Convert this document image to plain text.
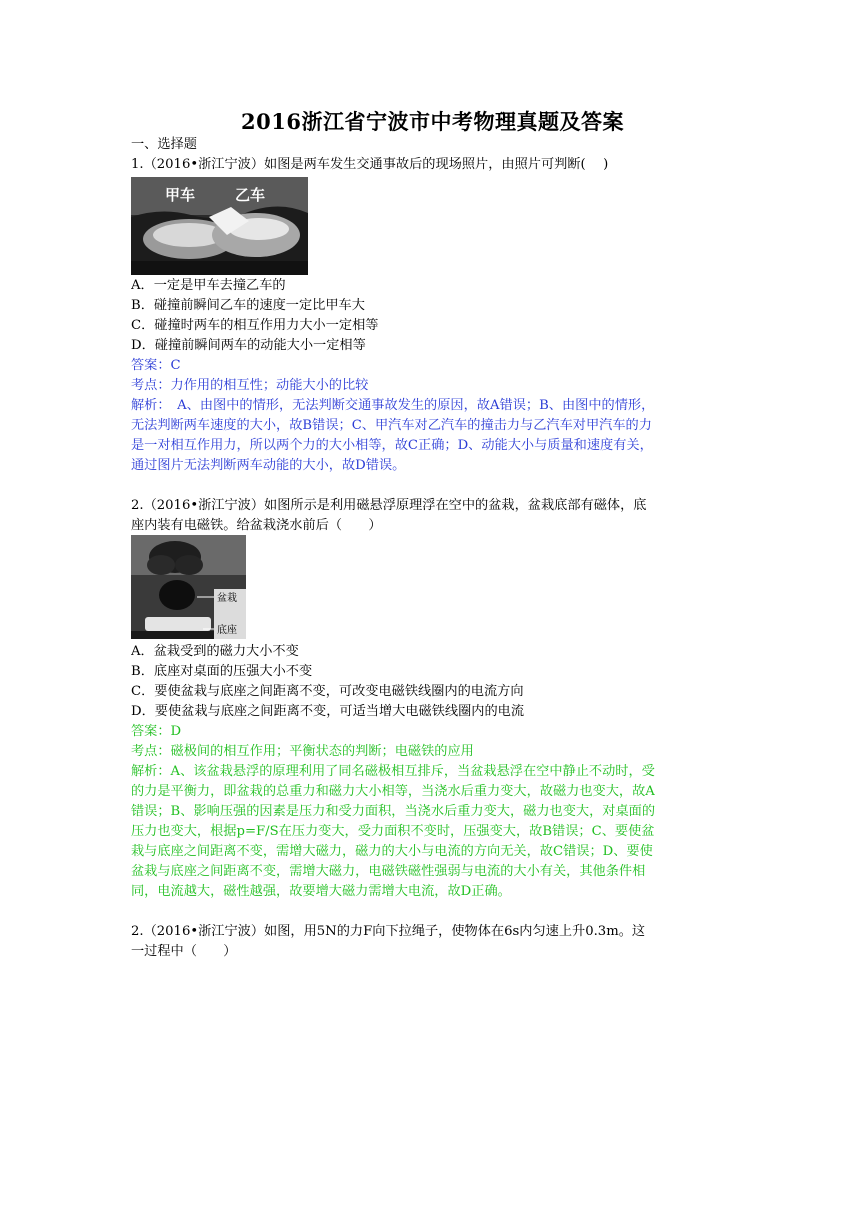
2016浙江省宁波市中考物理真题及答案
一、选择题
1.（2016•浙江宁波）如图是两车发生交通事故后的现场照片，由照片可判断(　 )
甲车	乙车
A．一定是甲车去撞乙车的
B．碰撞前瞬间乙车的速度一定比甲车大
C．碰撞时两车的相互作用力大小一定相等
D．碰撞前瞬间两车的动能大小一定相等
答案：C
考点：力作用的相互性；动能大小的比较
解析：　A、由图中的情形，无法判断交通事故发生的原因，故A错误；B、由图中的情形，
无法判断两车速度的大小，故B错误；C、甲汽车对乙汽车的撞击力与乙汽车对甲汽车的力
是一对相互作用力，所以两个力的大小相等，故C正确；D、动能大小与质量和速度有关，
通过图片无法判断两车动能的大小，故D错误。
2.（2016•浙江宁波）如图所示是利用磁悬浮原理浮在空中的盆栽，盆栽底部有磁体，底
座内装有电磁铁。给盆栽浇水前后（　　）
盆栽
底座
A．盆栽受到的磁力大小不变
B．底座对桌面的压强大小不变
C．要使盆栽与底座之间距离不变，可改变电磁铁线圈内的电流方向
D．要使盆栽与底座之间距离不变，可适当增大电磁铁线圈内的电流
答案：D
考点：磁极间的相互作用；平衡状态的判断；电磁铁的应用
解析：A、该盆栽悬浮的原理利用了同名磁极相互排斥，当盆栽悬浮在空中静止不动时，受
的力是平衡力，即盆栽的总重力和磁力大小相等，当浇水后重力变大，故磁力也变大，故A
错误；B、影响压强的因素是压力和受力面积，当浇水后重力变大，磁力也变大，对桌面的
压力也变大，根据p=F/S在压力变大，受力面积不变时，压强变大，故B错误；C、要使盆
栽与底座之间距离不变，需增大磁力，磁力的大小与电流的方向无关，故C错误；D、要使
盆栽与底座之间距离不变，需增大磁力，电磁铁磁性强弱与电流的大小有关，其他条件相
同，电流越大，磁性越强，故要增大磁力需增大电流，故D正确。
2.（2016•浙江宁波）如图，用5N的力F向下拉绳子，使物体在6s内匀速上升0.3m。这
一过程中（　　）
